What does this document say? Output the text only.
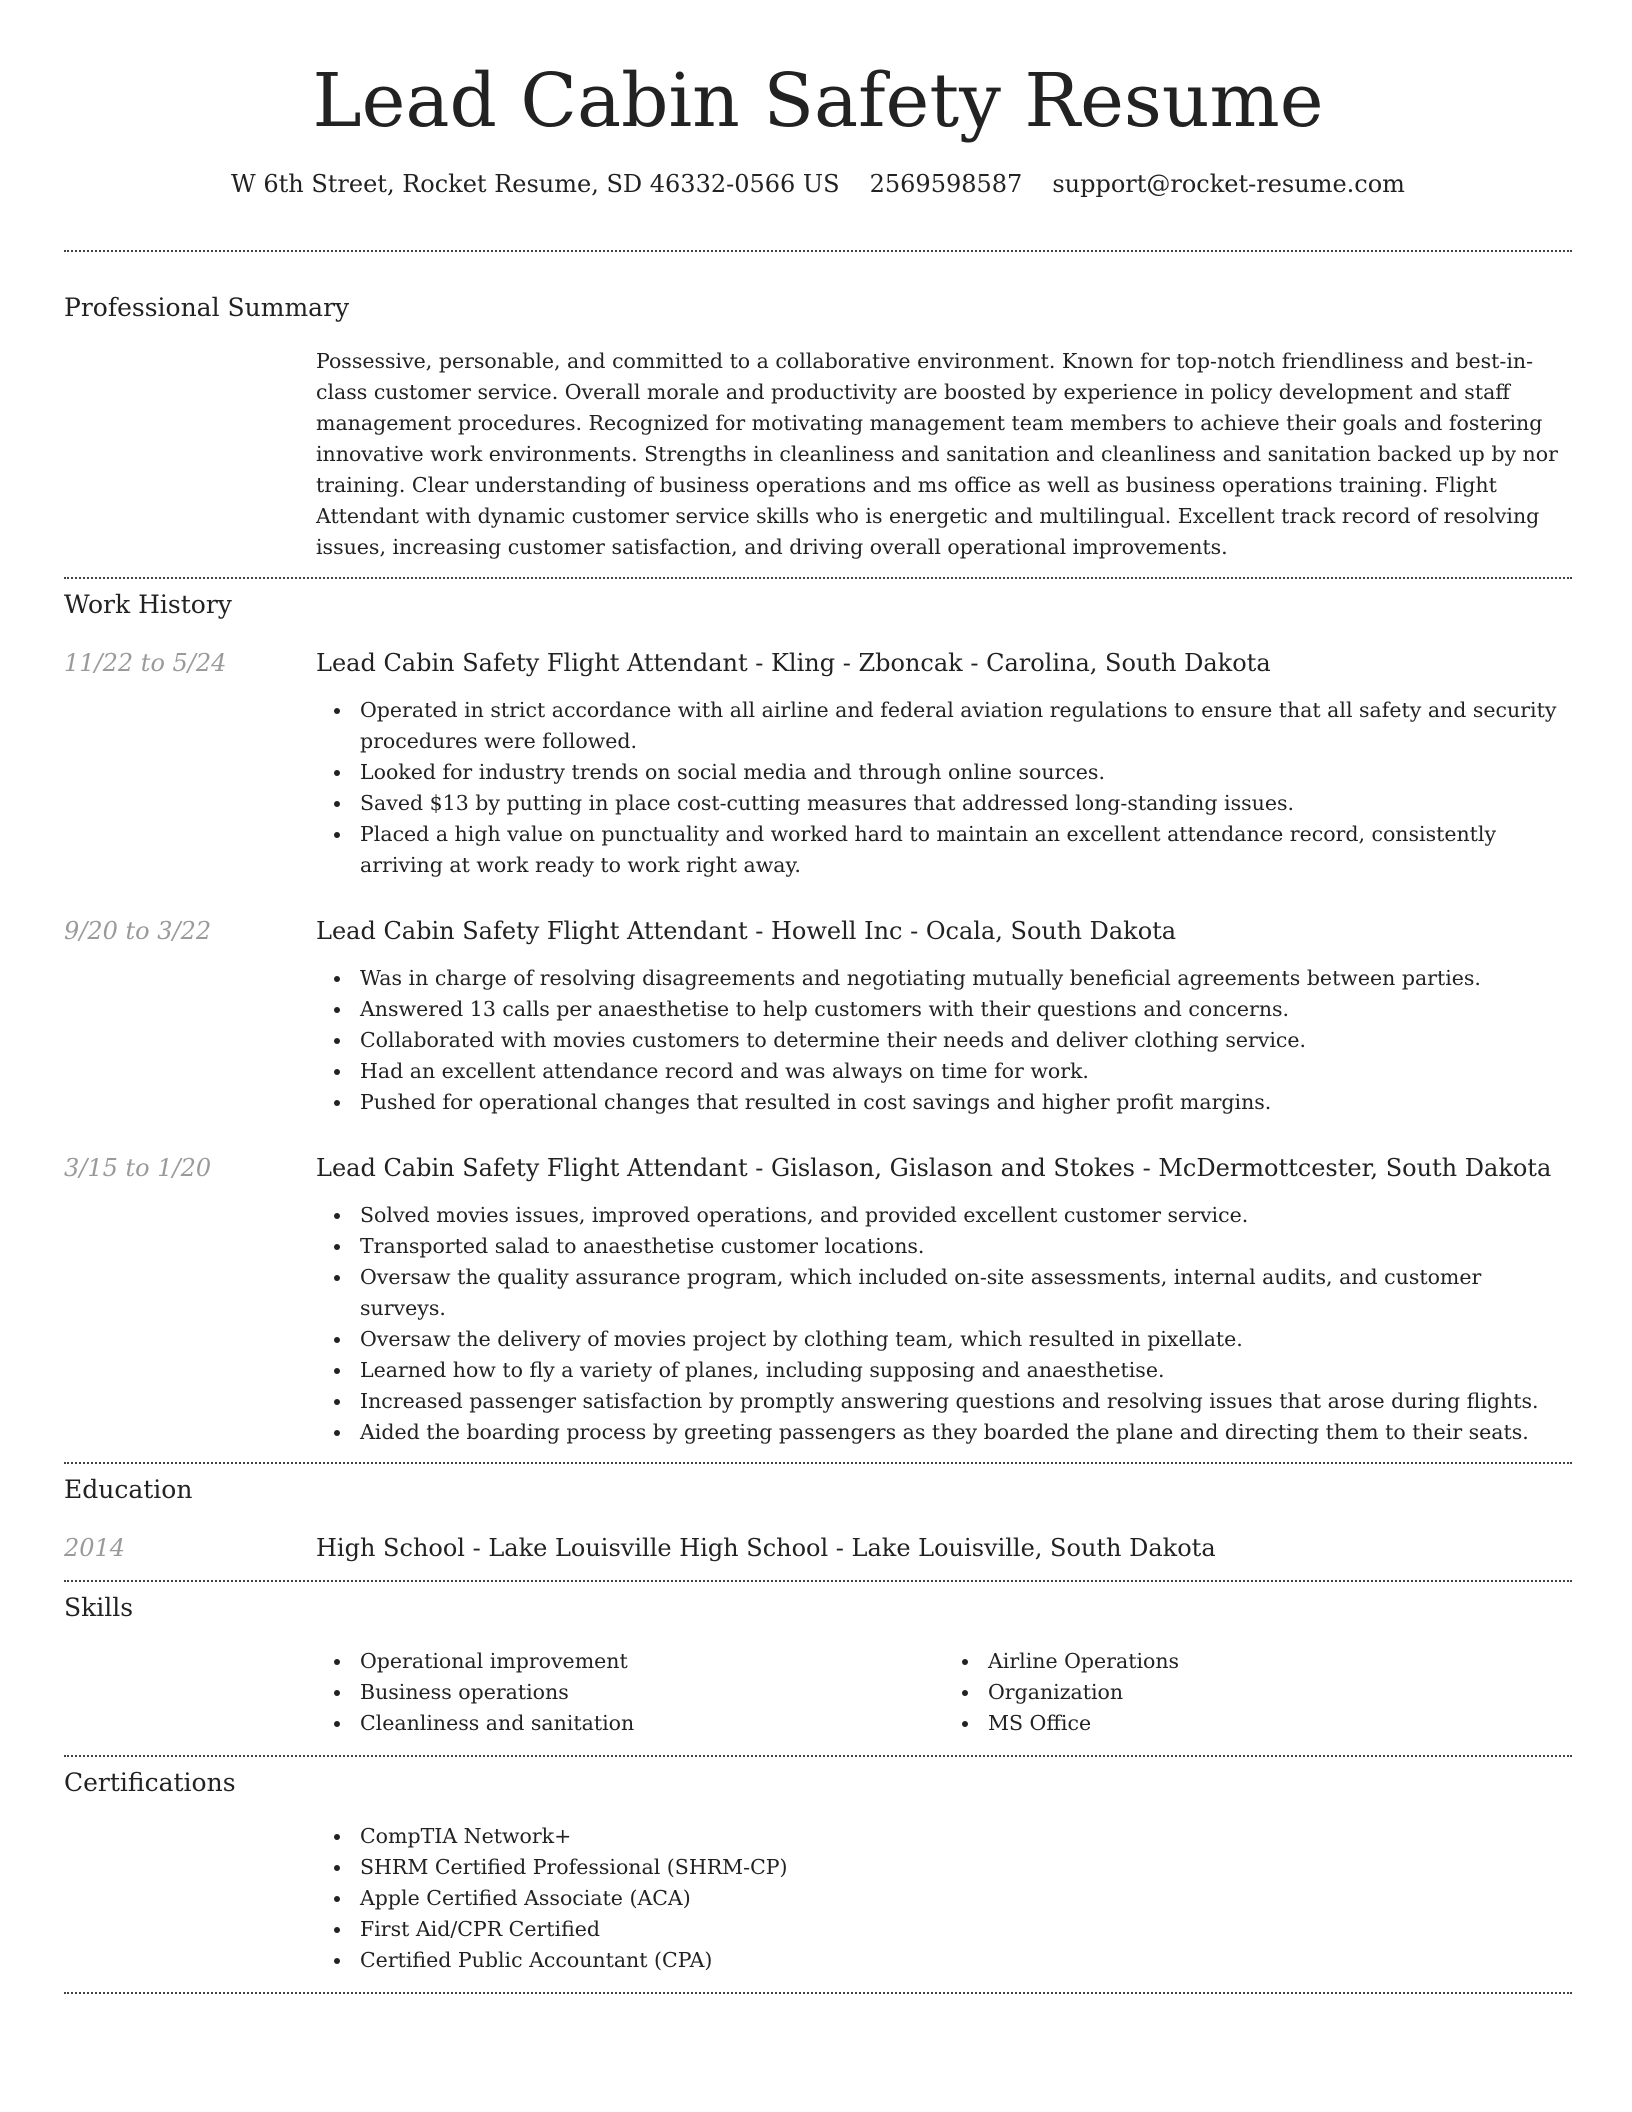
Lead Cabin Safety Resume
W 6th Street, Rocket Resume, SD 46332-0566 US 2569598587 support@rocket-resume.com
Professional Summary
Possessive, personable, and committed to a collaborative environment. Known for top-notch friendliness and best-in-class customer service. Overall morale and productivity are boosted by experience in policy development and staff management procedures. Recognized for motivating management team members to achieve their goals and fostering innovative work environments. Strengths in cleanliness and sanitation and cleanliness and sanitation backed up by nor training. Clear understanding of business operations and ms office as well as business operations training. Flight Attendant with dynamic customer service skills who is energetic and multilingual. Excellent track record of resolving issues, increasing customer satisfaction, and driving overall operational improvements.
Work History
11/22 to 5/24	Lead Cabin Safety Flight Attendant - Kling - Zboncak - Carolina, South Dakota
Operated in strict accordance with all airline and federal aviation regulations to ensure that all safety and security procedures were followed.
Looked for industry trends on social media and through online sources.
Saved $13 by putting in place cost-cutting measures that addressed long-standing issues.
Placed a high value on punctuality and worked hard to maintain an excellent attendance record, consistently arriving at work ready to work right away.
9/20 to 3/22	Lead Cabin Safety Flight Attendant - Howell Inc - Ocala, South Dakota
Was in charge of resolving disagreements and negotiating mutually beneficial agreements between parties.
Answered 13 calls per anaesthetise to help customers with their questions and concerns.
Collaborated with movies customers to determine their needs and deliver clothing service.
Had an excellent attendance record and was always on time for work.
Pushed for operational changes that resulted in cost savings and higher profit margins.
3/15 to 1/20	Lead Cabin Safety Flight Attendant - Gislason, Gislason and Stokes - McDermottcester, South Dakota
Solved movies issues, improved operations, and provided excellent customer service.
Transported salad to anaesthetise customer locations.
Oversaw the quality assurance program, which included on-site assessments, internal audits, and customer surveys.
Oversaw the delivery of movies project by clothing team, which resulted in pixellate.
Learned how to fly a variety of planes, including supposing and anaesthetise.
Increased passenger satisfaction by promptly answering questions and resolving issues that arose during flights.
Aided the boarding process by greeting passengers as they boarded the plane and directing them to their seats.
Education
2014	High School - Lake Louisville High School - Lake Louisville, South Dakota
Skills
Operational improvement
Business operations
Cleanliness and sanitation
Airline Operations
Organization
MS Office
Certifications
CompTIA Network+
SHRM Certified Professional (SHRM-CP)
Apple Certified Associate (ACA)
First Aid/CPR Certified
Certified Public Accountant (CPA)
